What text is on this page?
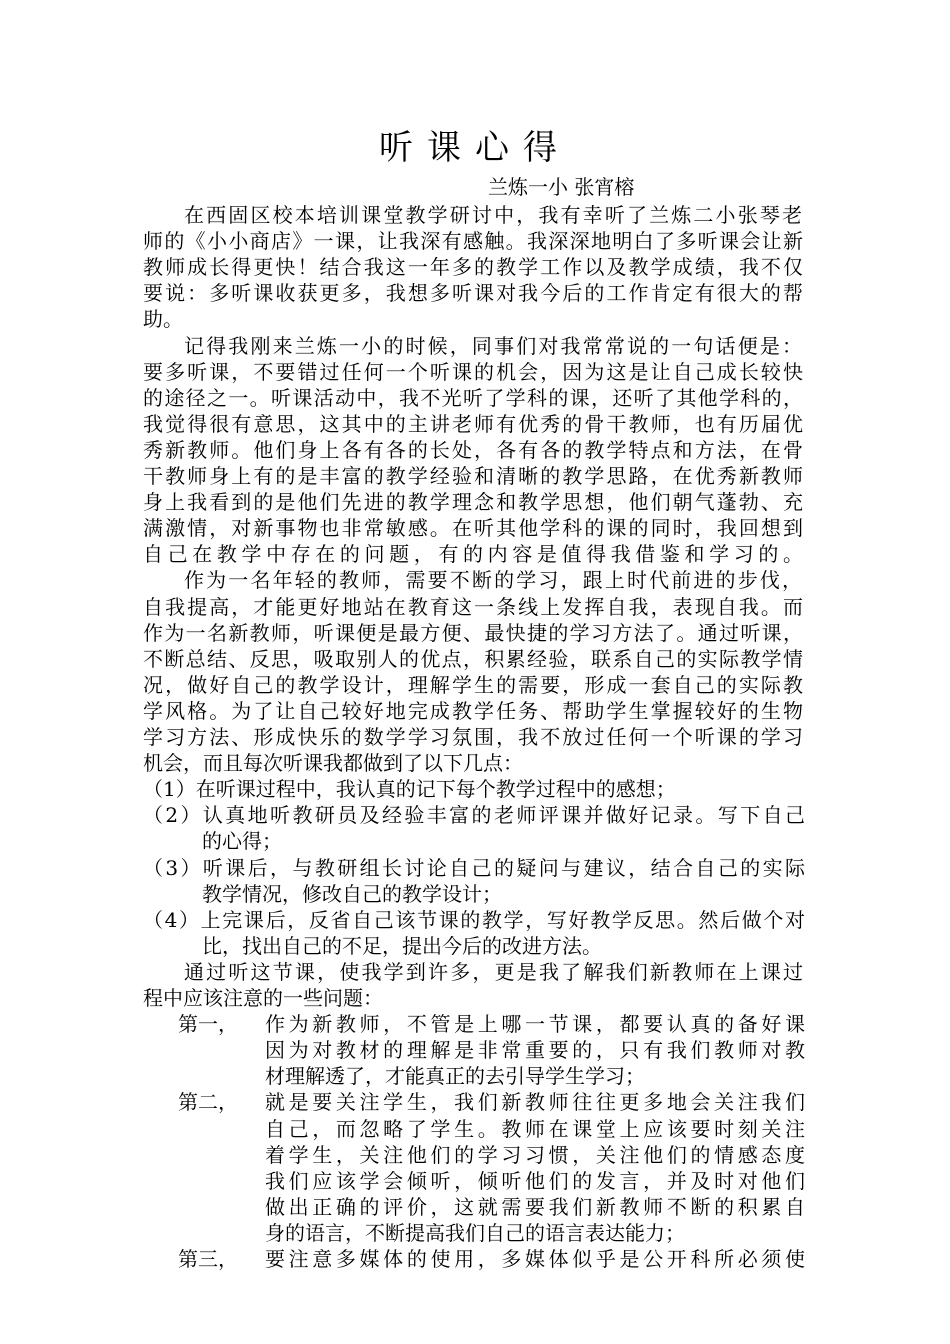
听课心得
兰炼一小 张宵榕
在西固区校本培训课堂教学研讨中，我有幸听了兰炼二小张琴老
师的《小小商店》一课，让我深有感触。我深深地明白了多听课会让新
教师成长得更快！结合我这一年多的教学工作以及教学成绩，我不仅
要说：多听课收获更多，我想多听课对我今后的工作肯定有很大的帮
助。
记得我刚来兰炼一小的时候，同事们对我常常说的一句话便是：
要多听课，不要错过任何一个听课的机会，因为这是让自己成长较快
的途径之一。听课活动中，我不光听了学科的课，还听了其他学科的，
我觉得很有意思，这其中的主讲老师有优秀的骨干教师，也有历届优
秀新教师。他们身上各有各的长处，各有各的教学特点和方法，在骨
干教师身上有的是丰富的教学经验和清晰的教学思路，在优秀新教师
身上我看到的是他们先进的教学理念和教学思想，他们朝气蓬勃、充
满激情，对新事物也非常敏感。在听其他学科的课的同时，我回想到
自己在教学中存在的问题，有的内容是值得我借鉴和学习的。
作为一名年轻的教师，需要不断的学习，跟上时代前进的步伐，
自我提高，才能更好地站在教育这一条线上发挥自我，表现自我。而
作为一名新教师，听课便是最方便、最快捷的学习方法了。通过听课，
不断总结、反思，吸取别人的优点，积累经验，联系自己的实际教学情
况，做好自己的教学设计，理解学生的需要，形成一套自己的实际教
学风格。为了让自己较好地完成教学任务、帮助学生掌握较好的生物
学习方法、形成快乐的数学学习氛围，我不放过任何一个听课的学习
机会，而且每次听课我都做到了以下几点：
（1）在听课过程中，我认真的记下每个教学过程中的感想；
（2）认真地听教研员及经验丰富的老师评课并做好记录。写下自己
的心得；
（3）听课后，与教研组长讨论自己的疑问与建议，结合自己的实际
教学情况，修改自己的教学设计；
（4）上完课后，反省自己该节课的教学，写好教学反思。然后做个对
比，找出自己的不足，提出今后的改进方法。
通过听这节课，使我学到许多，更是我了解我们新教师在上课过
程中应该注意的一些问题：
作为新教师，不管是上哪一节课，都要认真的备好课
因为对教材的理解是非常重要的，只有我们教师对教
材理解透了，才能真正的去引导学生学习；
就是要关注学生，我们新教师往往更多地会关注我们
自己，而忽略了学生。教师在课堂上应该要时刻关注
着学生，关注他们的学习习惯，关注他们的情感态度
我们应该学会倾听，倾听他们的发言，并及时对他们
做出正确的评价，这就需要我们新教师不断的积累自
身的语言，不断提高我们自己的语言表达能力；
要注意多媒体的使用，多媒体似乎是公开科所必须使
第一，
第二，
第三，
